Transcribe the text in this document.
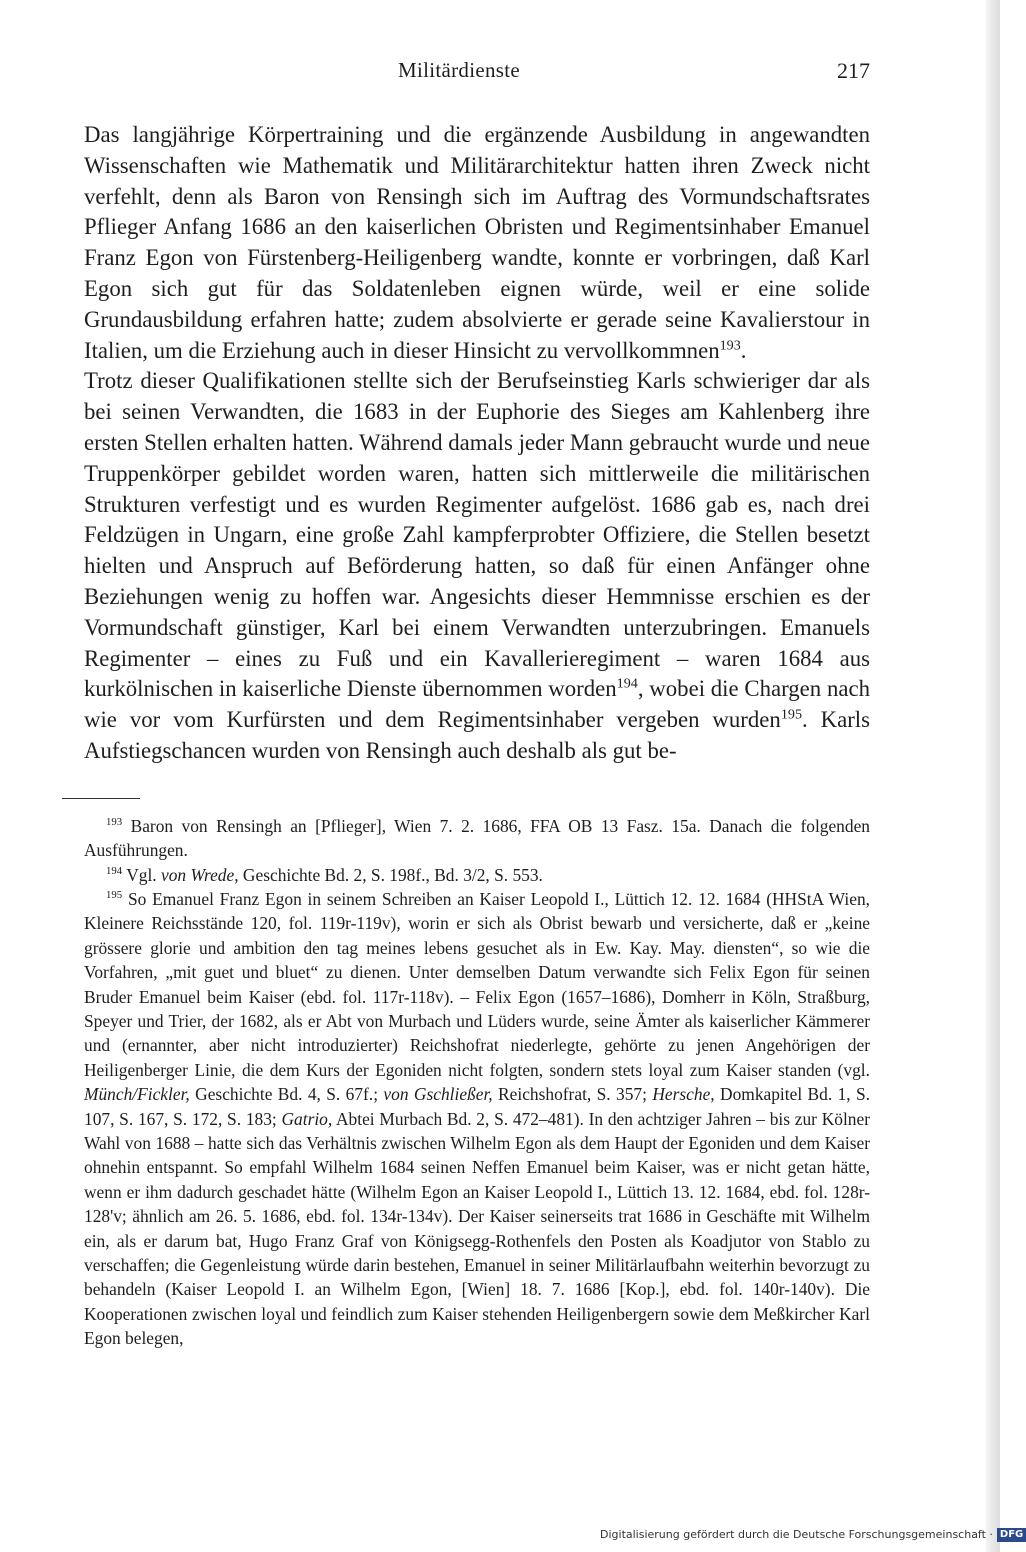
Militärdienste	217

Das langjährige Körpertraining und die ergänzende Ausbildung in angewandten Wissenschaften wie Mathematik und Militärarchitektur hatten ihren Zweck nicht verfehlt, denn als Baron von Rensingh sich im Auftrag des Vormundschaftsrates Pflieger Anfang 1686 an den kaiserlichen Obristen und Regimentsinhaber Emanuel Franz Egon von Fürstenberg-Heiligenberg wandte, konnte er vorbringen, daß Karl Egon sich gut für das Soldatenleben eignen würde, weil er eine solide Grundausbildung erfahren hatte; zudem absolvierte er gerade seine Kavalierstour in Italien, um die Erziehung auch in dieser Hinsicht zu vervollkommnen$^{193}$.

Trotz dieser Qualifikationen stellte sich der Berufseinstieg Karls schwieriger dar als bei seinen Verwandten, die 1683 in der Euphorie des Sieges am Kahlenberg ihre ersten Stellen erhalten hatten. Während damals jeder Mann gebraucht wurde und neue Truppenkörper gebildet worden waren, hatten sich mittlerweile die militärischen Strukturen verfestigt und es wurden Regimenter aufgelöst. 1686 gab es, nach drei Feldzügen in Ungarn, eine große Zahl kampferprobter Offiziere, die Stellen besetzt hielten und Anspruch auf Beförderung hatten, so daß für einen Anfänger ohne Beziehungen wenig zu hoffen war. Angesichts dieser Hemmnisse erschien es der Vormundschaft günstiger, Karl bei einem Verwandten unterzubringen. Emanuels Regimenter – eines zu Fuß und ein Kavallerieregiment – waren 1684 aus kurkölnischen in kaiserliche Dienste übernommen worden$^{194}$, wobei die Chargen nach wie vor vom Kurfürsten und dem Regimentsinhaber vergeben wurden$^{195}$. Karls Aufstiegschancen wurden von Rensingh auch deshalb als gut be-

$^{193}$ Baron von Rensingh an [Pflieger], Wien 7. 2. 1686, FFA OB 13 Fasz. 15a. Danach die folgenden Ausführungen.

$^{194}$ Vgl. von Wrede, Geschichte Bd. 2, S. 198f., Bd. 3/2, S. 553.

$^{195}$ So Emanuel Franz Egon in seinem Schreiben an Kaiser Leopold I., Lüttich 12. 12. 1684 (HHStA Wien, Kleinere Reichsstände 120, fol. 119r-119v), worin er sich als Obrist bewarb und versicherte, daß er „keine grössere glorie und ambition den tag meines lebens gesuchet als in Ew. Kay. May. diensten“, so wie die Vorfahren, „mit guet und bluet“ zu dienen. Unter demselben Datum verwandte sich Felix Egon für seinen Bruder Emanuel beim Kaiser (ebd. fol. 117r-118v). – Felix Egon (1657–1686), Domherr in Köln, Straßburg, Speyer und Trier, der 1682, als er Abt von Murbach und Lüders wurde, seine Ämter als kaiserlicher Kämmerer und (ernannter, aber nicht introduzierter) Reichshofrat niederlegte, gehörte zu jenen Angehörigen der Heiligenberger Linie, die dem Kurs der Egoniden nicht folgten, sondern stets loyal zum Kaiser standen (vgl. Münch/Fickler, Geschichte Bd. 4, S. 67f.; von Gschließer, Reichshofrat, S. 357; Hersche, Domkapitel Bd. 1, S. 107, S. 167, S. 172, S. 183; Gatrio, Abtei Murbach Bd. 2, S. 472–481). In den achtziger Jahren – bis zur Kölner Wahl von 1688 – hatte sich das Verhältnis zwischen Wilhelm Egon als dem Haupt der Egoniden und dem Kaiser ohnehin entspannt. So empfahl Wilhelm 1684 seinen Neffen Emanuel beim Kaiser, was er nicht getan hätte, wenn er ihm dadurch geschadet hätte (Wilhelm Egon an Kaiser Leopold I., Lüttich 13. 12. 1684, ebd. fol. 128r-128'v; ähnlich am 26. 5. 1686, ebd. fol. 134r-134v). Der Kaiser seinerseits trat 1686 in Geschäfte mit Wilhelm ein, als er darum bat, Hugo Franz Graf von Königsegg-Rothenfels den Posten als Koadjutor von Stablo zu verschaffen; die Gegenleistung würde darin bestehen, Emanuel in seiner Militärlaufbahn weiterhin bevorzugt zu behandeln (Kaiser Leopold I. an Wilhelm Egon, [Wien] 18. 7. 1686 [Kop.], ebd. fol. 140r-140v). Die Kooperationen zwischen loyal und feindlich zum Kaiser stehenden Heiligenbergern sowie dem Meßkircher Karl Egon belegen,

Digitalisierung gefördert durch die Deutsche Forschungsgemeinschaft · DFG
